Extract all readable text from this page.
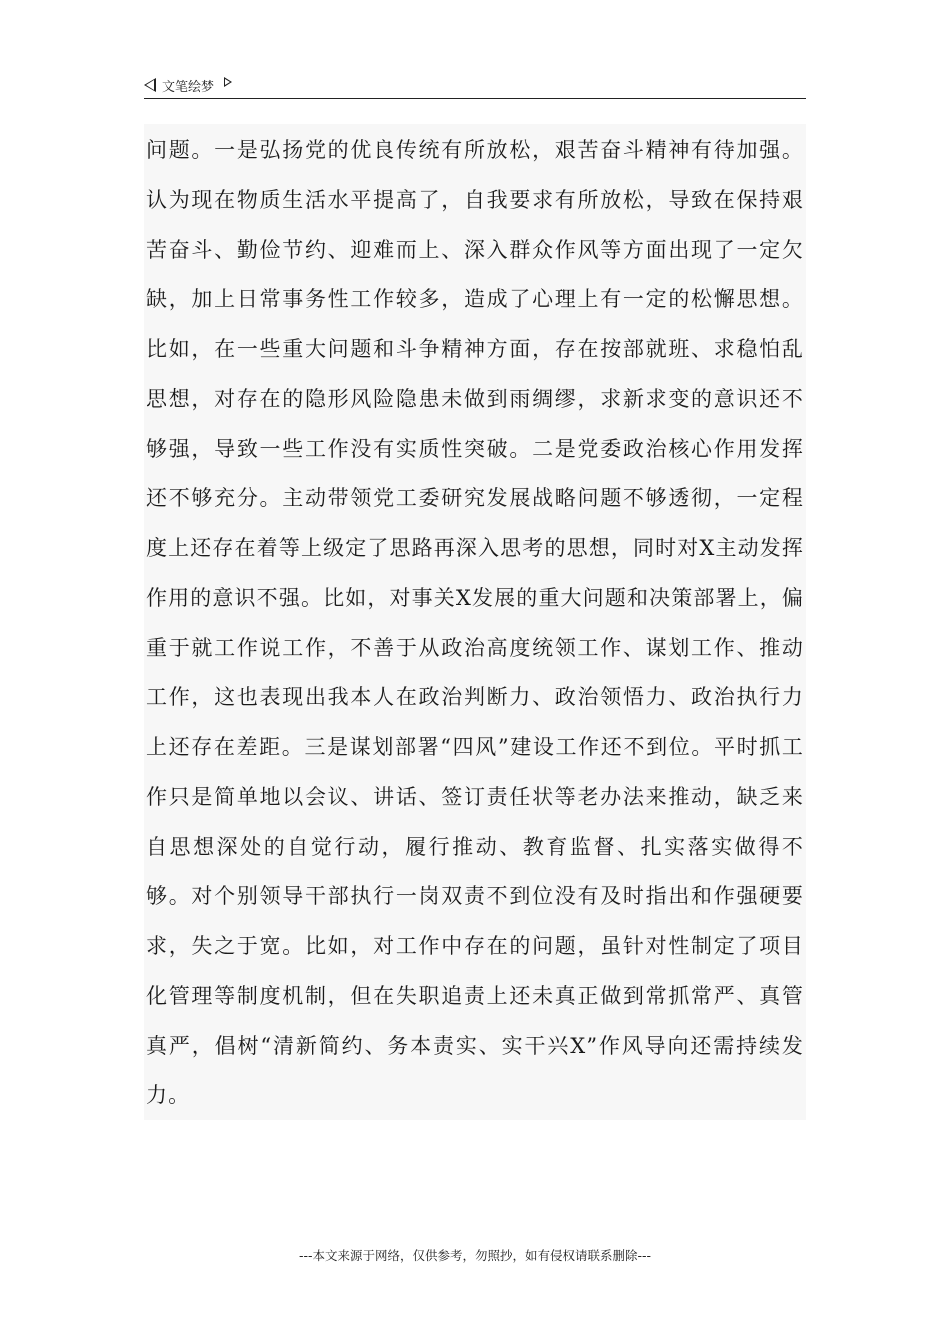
文笔绘梦

问题。一是弘扬党的优良传统有所放松，艰苦奋斗精神有待加强。认为现在物质生活水平提高了，自我要求有所放松，导致在保持艰苦奋斗、勤俭节约、迎难而上、深入群众作风等方面出现了一定欠缺，加上日常事务性工作较多，造成了心理上有一定的松懈思想。比如，在一些重大问题和斗争精神方面，存在按部就班、求稳怕乱思想，对存在的隐形风险隐患未做到雨绸缪，求新求变的意识还不够强，导致一些工作没有实质性突破。二是党委政治核心作用发挥还不够充分。主动带领党工委研究发展战略问题不够透彻，一定程度上还存在着等上级定了思路再深入思考的思想，同时对X主动发挥作用的意识不强。比如，对事关X发展的重大问题和决策部署上，偏重于就工作说工作，不善于从政治高度统领工作、谋划工作、推动工作，这也表现出我本人在政治判断力、政治领悟力、政治执行力上还存在差距。三是谋划部署“四风”建设工作还不到位。平时抓工作只是简单地以会议、讲话、签订责任状等老办法来推动，缺乏来自思想深处的自觉行动，履行推动、教育监督、扎实落实做得不够。对个别领导干部执行一岗双责不到位没有及时指出和作强硬要求，失之于宽。比如，对工作中存在的问题，虽针对性制定了项目化管理等制度机制，但在失职追责上还未真正做到常抓常严、真管真严，倡树“清新简约、务本责实、实干兴X”作风导向还需持续发力。

---本文来源于网络，仅供参考，勿照抄，如有侵权请联系删除---
